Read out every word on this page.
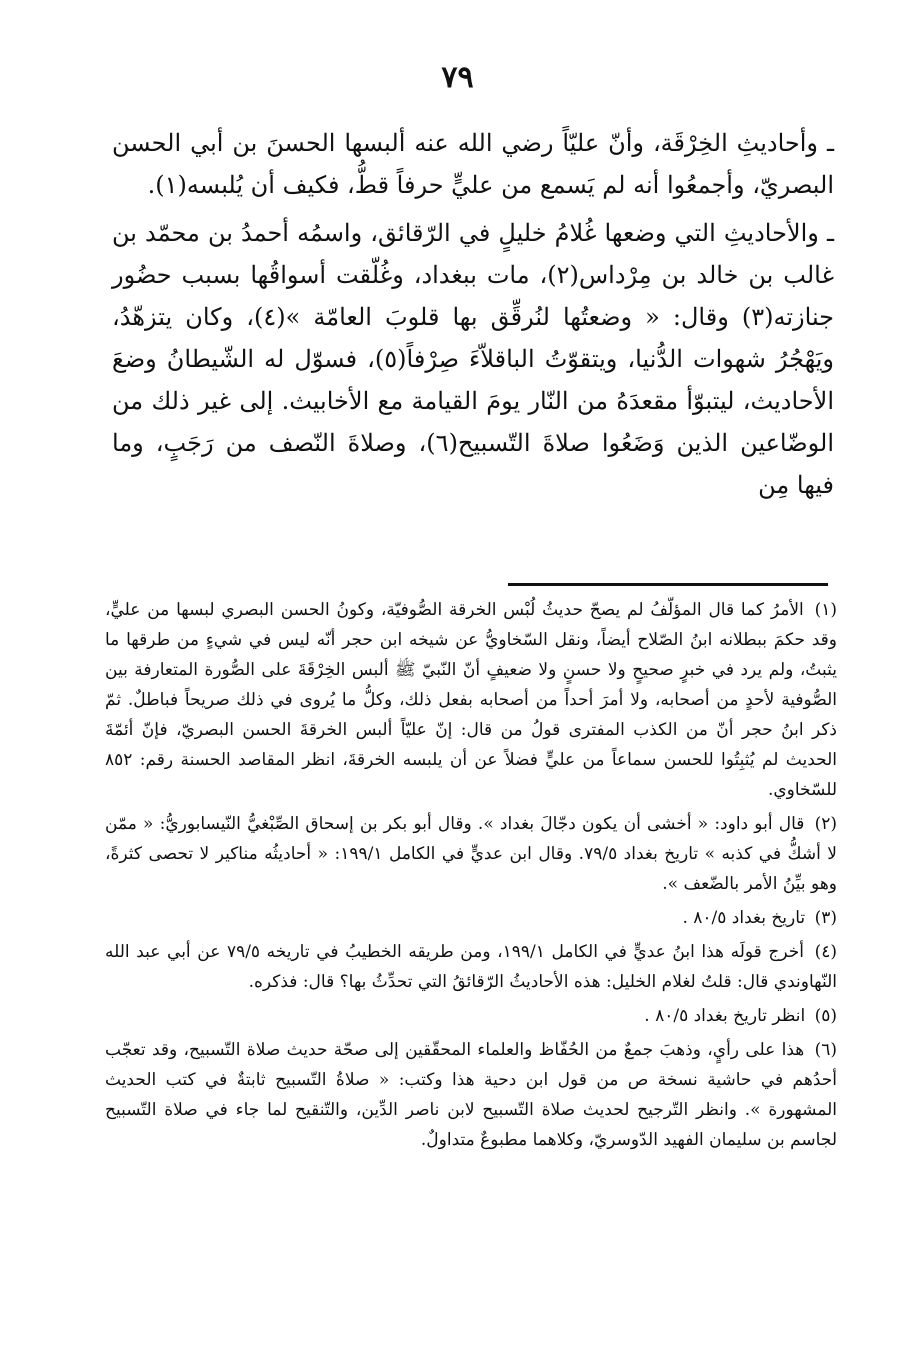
٧٩

ـ وأحاديثِ الخِرْقَة، وأنّ عليّاً رضي الله عنه ألبسها الحسنَ بن أبي الحسن البصريّ، وأجمعُوا أنه لم يَسمع من عليٍّ حرفاً قطُّ، فكيف أن يُلبسه(١).

ـ والأحاديثِ التي وضعها غُلامُ خليلٍ في الرّقائق، واسمُه أحمدُ بن محمّد بن غالب بن خالد بن مِرْداس(٢)، مات ببغداد، وغُلّقت أسواقُها بسبب حضُور جنازته(٣) وقال: « وضعتُها لنُرقِّق بها قلوبَ العامّة »(٤)، وكان يتزهّدُ، ويَهْجُرُ شهوات الدُّنيا، ويتقوّتُ الباقلاّءَ صِرْفاً(٥)، فسوّل له الشّيطانُ وضعَ الأحاديث، ليتبوّأ مقعدَهُ من النّار يومَ القيامة مع الأخابيث. إلى غير ذلك من الوضّاعين الذين وَضَعُوا صلاةَ التّسبيح(٦)، وصلاةَ النّصف من رَجَبٍ، وما فيها مِن

(١) الأمرُ كما قال المؤلّفُ لم يصحّ حديثُ لُبْس الخرقة الصُّوفيّة، وكونُ الحسن البصري لبسها من عليٍّ، وقد حكمَ ببطلانه ابنُ الصّلاح أيضاً، ونقل السّخاويُّ عن شيخه ابن حجر أنّه ليس في شيءٍ من طرقها ما يثبتُ، ولم يرد في خبرٍ صحيحٍ ولا حسنٍ ولا ضعيفٍ أنّ النّبيّ ﷺ ألبس الخِرْقَةَ على الصُّورة المتعارفة بين الصُّوفية لأحدٍ من أصحابه، ولا أمرَ أحداً من أصحابه بفعل ذلك، وكلُّ ما يُروى في ذلك صريحاً فباطلٌ. ثمّ ذكر ابنُ حجر أنّ من الكذب المفترى قولُ من قال: إنّ عليّاً ألبس الخرقةَ الحسن البصريّ، فإنّ أئمّةَ الحديث لم يُثبِتُوا للحسن سماعاً من عليٍّ فضلاً عن أن يلبسه الخرقةَ، انظر المقاصد الحسنة رقم: ٨٥٢ للسّخاوي.
(٢) قال أبو داود: « أخشى أن يكون دجّالَ بغداد ». وقال أبو بكر بن إسحاق الصِّبْغيُّ النّيسابوريُّ: « ممّن لا أشكُّ في كذبه » تاريخ بغداد ٧٩/٥. وقال ابن عديٍّ في الكامل ١٩٩/١: « أحاديثُه مناكير لا تحصى كثرةً، وهو بيِّنُ الأمر بالضّعف ».
(٣) تاريخ بغداد ٨٠/٥ .
(٤) أخرج قولَه هذا ابنُ عديٍّ في الكامل ١٩٩/١، ومن طريقه الخطيبُ في تاريخه ٧٩/٥ عن أبي عبد الله النّهاوندي قال: قلتُ لغلام الخليل: هذه الأحاديثُ الرّقائقُ التي تحدِّثُ بها؟ قال: فذكره.
(٥) انظر تاريخ بغداد ٨٠/٥ .
(٦) هذا على رأيٍ، وذهبَ جمعٌ من الحُفّاظ والعلماء المحقّقين إلى صحّة حديث صلاة التّسبيح، وقد تعجّب أحدُهم في حاشية نسخة ص من قول ابن دحية هذا وكتب: « صلاةُ التّسبيح ثابتةٌ في كتب الحديث المشهورة ». وانظر التّرجيح لحديث صلاة التّسبيح لابن ناصر الدِّين، والتّنقيح لما جاء في صلاة التّسبيح لجاسم بن سليمان الفهيد الدّوسريّ، وكلاهما مطبوعٌ متداولٌ.
